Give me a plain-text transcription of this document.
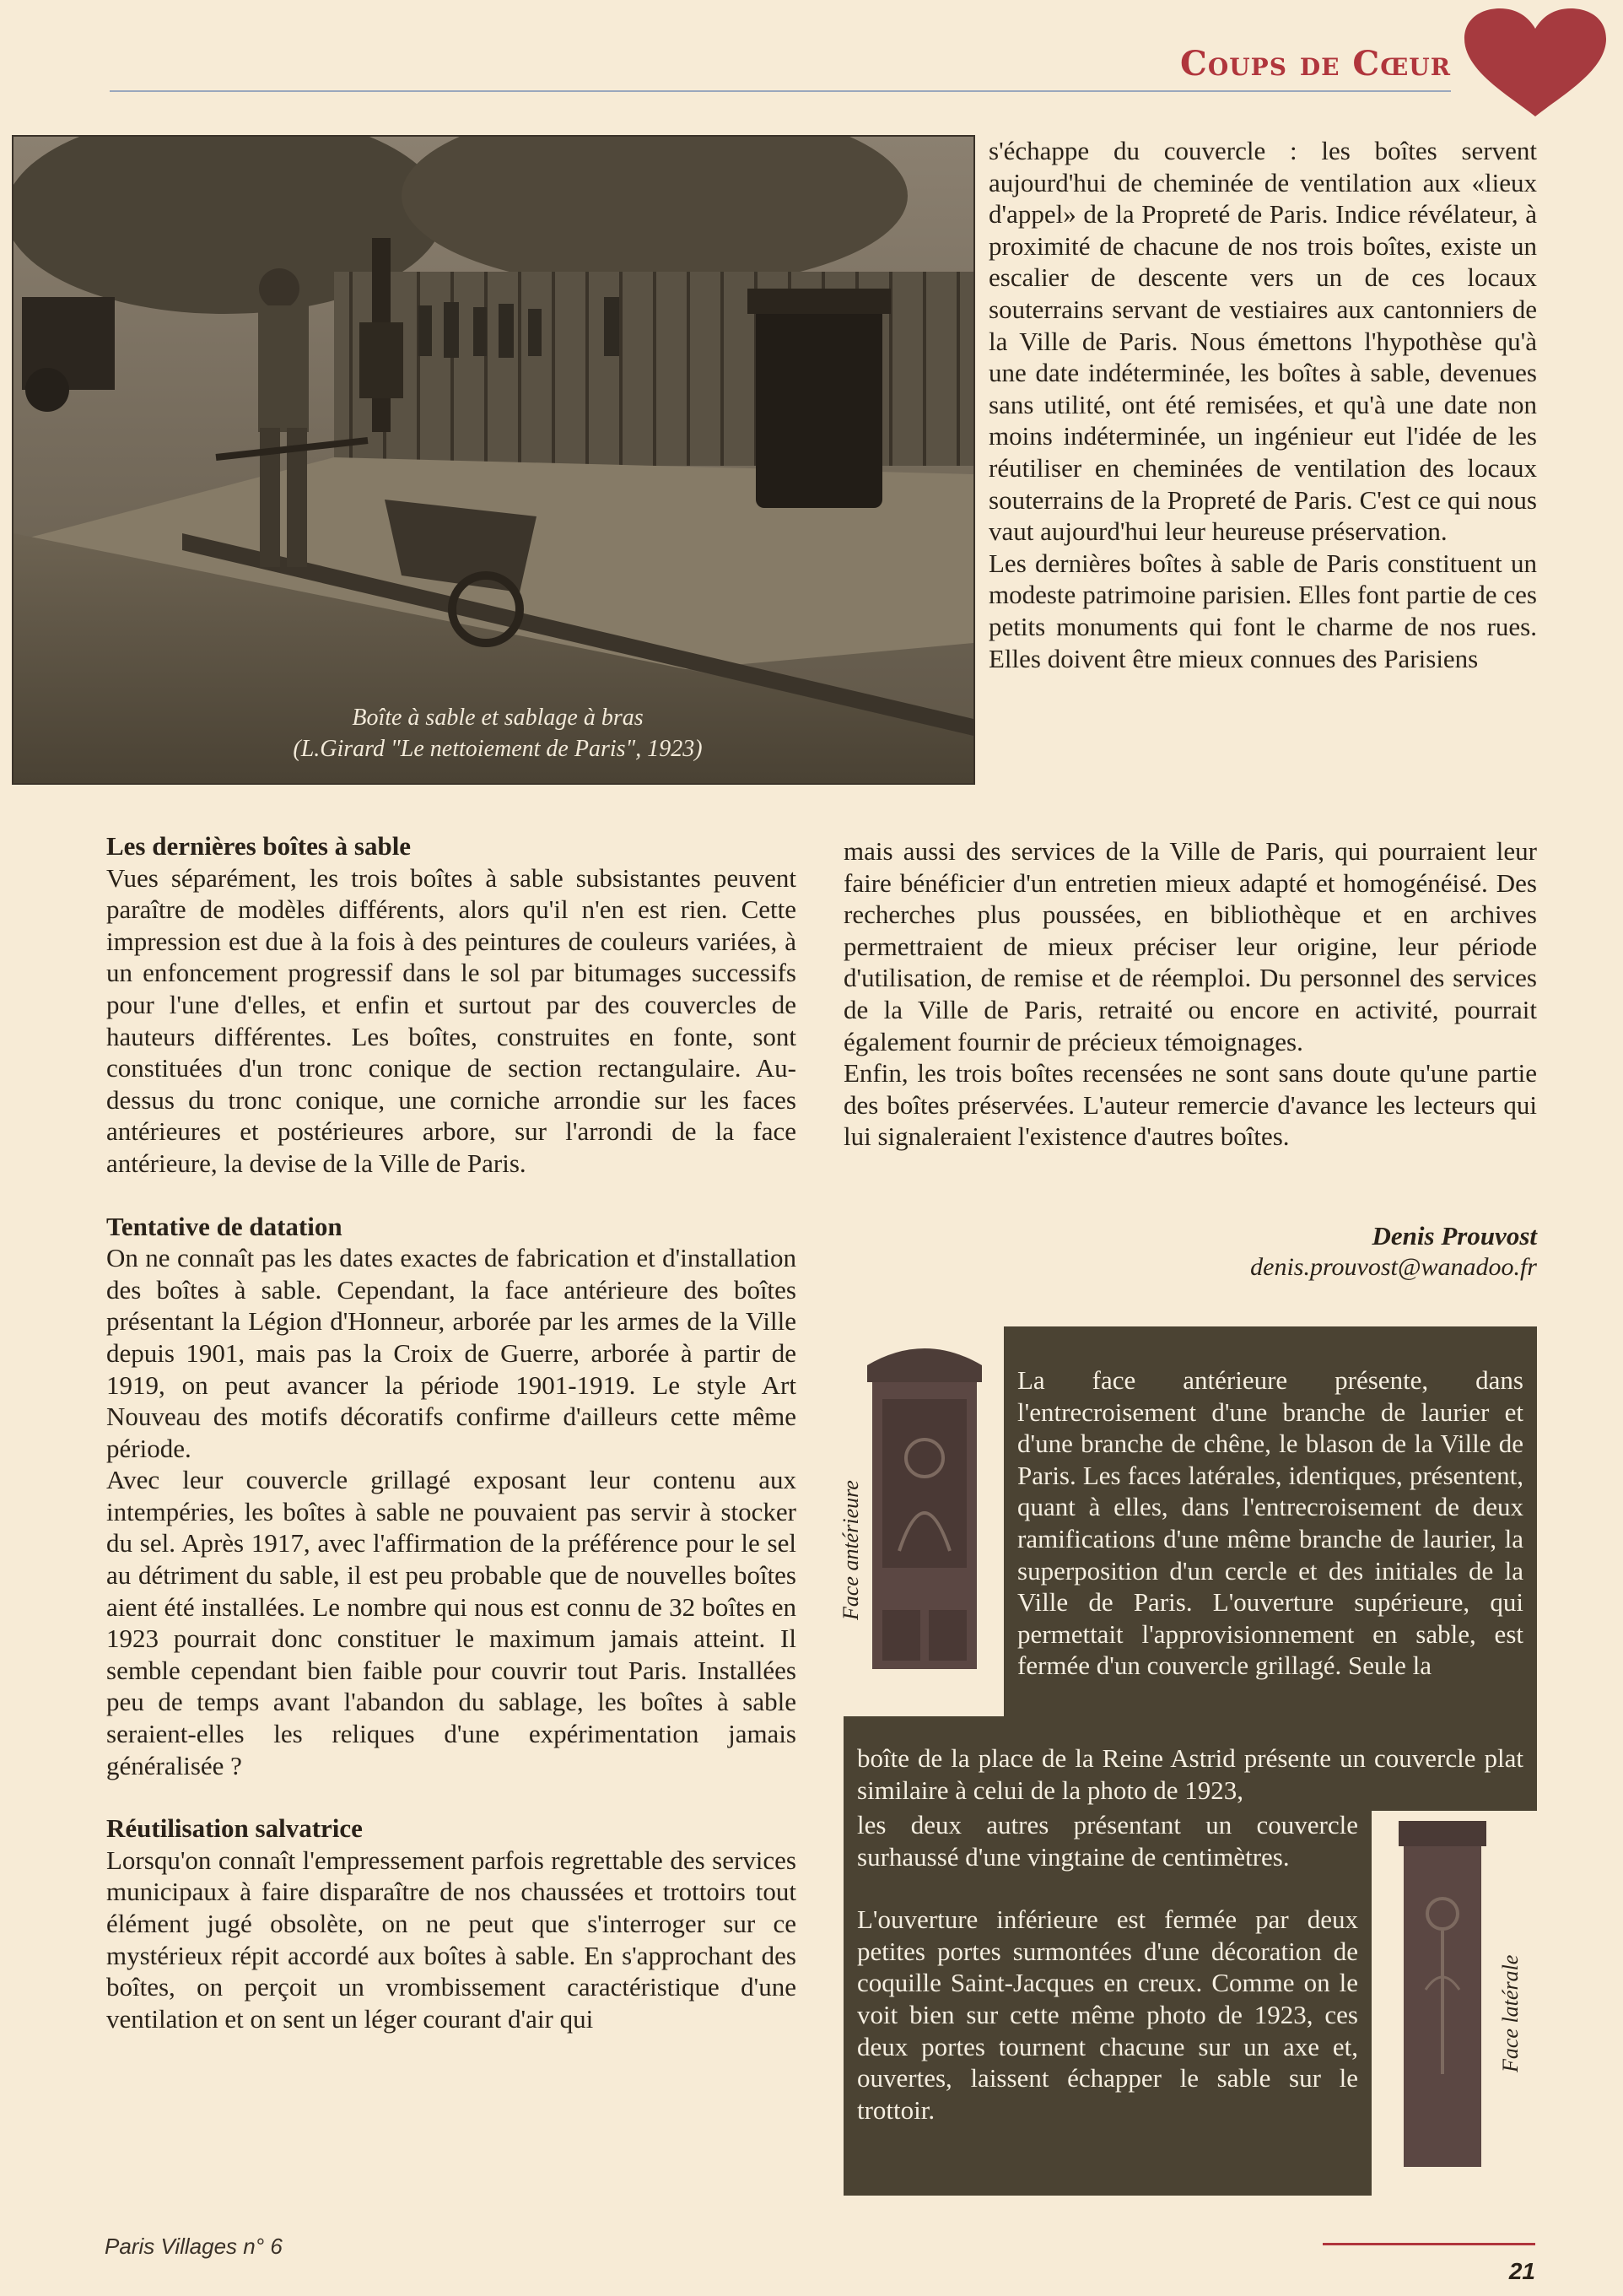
Coups de Cœur
Boîte à sable et sablage à bras
(L.Girard "Le nettoiement de Paris", 1923)

s'échappe du couvercle : les boîtes servent aujourd'hui de cheminée de ventilation aux «lieux d'appel» de la Propreté de Paris. Indice révélateur, à proximité de chacune de nos trois boîtes, existe un escalier de descente vers un de ces locaux souterrains servant de vestiaires aux cantonniers de la Ville de Paris. Nous émettons l'hypothèse qu'à une date indéterminée, les boîtes à sable, devenues sans utilité, ont été remisées, et qu'à une date non moins indéterminée, un ingénieur eut l'idée de les réutiliser en cheminées de ventilation des locaux souterrains de la Propreté de Paris. C'est ce qui nous vaut aujourd'hui leur heureuse préservation.

Les dernières boîtes à sable de Paris constituent un modeste patrimoine parisien. Elles font partie de ces petits monuments qui font le charme de nos rues. Elles doivent être mieux connues des Parisiens

mais aussi des services de la Ville de Paris, qui pourraient leur faire bénéficier d'un entretien mieux adapté et homogénéisé. Des recherches plus poussées, en bibliothèque et en archives permettraient de mieux préciser leur origine, leur période d'utilisation, de remise et de réemploi. Du personnel des services de la Ville de Paris, retraité ou encore en activité, pourrait également fournir de précieux témoignages.

Enfin, les trois boîtes recensées ne sont sans doute qu'une partie des boîtes préservées. L'auteur remercie d'avance les lecteurs qui lui signaleraient l'existence d'autres boîtes.

Denis Prouvost
denis.prouvost@wanadoo.fr
Les dernières boîtes à sable

Vues séparément, les trois boîtes à sable subsistantes peuvent paraître de modèles différents, alors qu'il n'en est rien. Cette impression est due à la fois à des peintures de couleurs variées, à un enfoncement progressif dans le sol par bitumages successifs pour l'une d'elles, et enfin et surtout par des couvercles de hauteurs différentes. Les boîtes, construites en fonte, sont constituées d'un tronc conique de section rectangulaire. Au-dessus du tronc conique, une corniche arrondie sur les faces antérieures et postérieures arbore, sur l'arrondi de la face antérieure, la devise de la Ville de Paris.

Tentative de datation

On ne connaît pas les dates exactes de fabrication et d'installation des boîtes à sable. Cependant, la face antérieure des boîtes présentant la Légion d'Honneur, arborée par les armes de la Ville depuis 1901, mais pas la Croix de Guerre, arborée à partir de 1919, on peut avancer la période 1901-1919. Le style Art Nouveau des motifs décoratifs confirme d'ailleurs cette même période.

Avec leur couvercle grillagé exposant leur contenu aux intempéries, les boîtes à sable ne pouvaient pas servir à stocker du sel. Après 1917, avec l'affirmation de la préférence pour le sel au détriment du sable, il est peu probable que de nouvelles boîtes aient été installées. Le nombre qui nous est connu de 32 boîtes en 1923 pourrait donc constituer le maximum jamais atteint. Il semble cependant bien faible pour couvrir tout Paris. Installées peu de temps avant l'abandon du sablage, les boîtes à sable seraient-elles les reliques d'une expérimentation jamais généralisée ?

Réutilisation salvatrice

Lorsqu'on connaît l'empressement parfois regrettable des services municipaux à faire disparaître de nos chaussées et trottoirs tout élément jugé obsolète, on ne peut que s'interroger sur ce mystérieux répit accordé aux boîtes à sable. En s'approchant des boîtes, on perçoit un vrombissement caractéristique d'une ventilation et on sent un léger courant d'air qui

La face antérieure présente, dans l'entrecroisement d'une branche de laurier et d'une branche de chêne, le blason de la Ville de Paris. Les faces latérales, identiques, présentent, quant à elles, dans l'entrecroisement de deux ramifications d'une même branche de laurier, la superposition d'un cercle et des initiales de la Ville de Paris. L'ouverture supérieure, qui permettait l'approvisionnement en sable, est fermée d'un couvercle grillagé. Seule la

boîte de la place de la Reine Astrid présente un couvercle plat similaire à celui de la photo de 1923,

les deux autres présentant un couvercle surhaussé d'une vingtaine de centimètres.

L'ouverture inférieure est fermée par deux petites portes surmontées d'une décoration de coquille Saint-Jacques en creux. Comme on le voit bien sur cette même photo de 1923, ces deux portes tournent chacune sur un axe et, ouvertes, laissent échapper le sable sur le trottoir.

Face antérieure
Face latérale
Paris Villages n° 6
21
